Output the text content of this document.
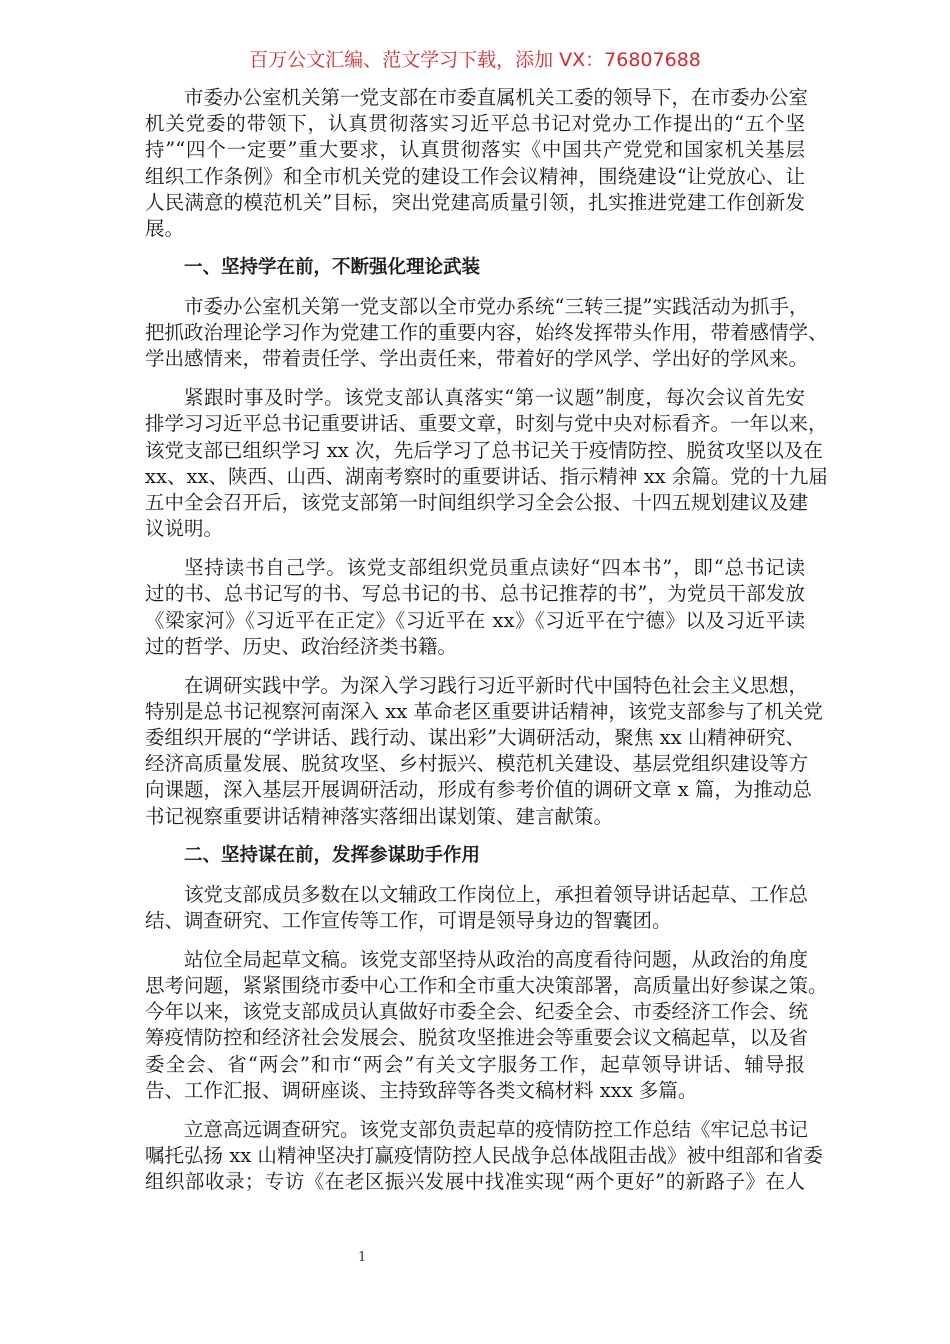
百万公文汇编、范文学习下载，添加 VX：76807688
市委办公室机关第一党支部在市委直属机关工委的领导下，在市委办公室
机关党委的带领下，认真贯彻落实习近平总书记对党办工作提出的“五个坚
持”“四个一定要”重大要求，认真贯彻落实《中国共产党党和国家机关基层
组织工作条例》和全市机关党的建设工作会议精神，围绕建设“让党放心、让
人民满意的模范机关”目标，突出党建高质量引领，扎实推进党建工作创新发
展。
一、坚持学在前，不断强化理论武装
市委办公室机关第一党支部以全市党办系统“三转三提”实践活动为抓手，
把抓政治理论学习作为党建工作的重要内容，始终发挥带头作用，带着感情学、
学出感情来，带着责任学、学出责任来，带着好的学风学、学出好的学风来。
紧跟时事及时学。该党支部认真落实“第一议题”制度，每次会议首先安
排学习习近平总书记重要讲话、重要文章，时刻与党中央对标看齐。一年以来，
该党支部已组织学习 xx 次，先后学习了总书记关于疫情防控、脱贫攻坚以及在
xx、xx、陕西、山西、湖南考察时的重要讲话、指示精神 xx 余篇。党的十九届
五中全会召开后，该党支部第一时间组织学习全会公报、十四五规划建议及建
议说明。
坚持读书自己学。该党支部组织党员重点读好“四本书”，即“总书记读
过的书、总书记写的书、写总书记的书、总书记推荐的书”，为党员干部发放
《梁家河》《习近平在正定》《习近平在 xx》《习近平在宁德》以及习近平读
过的哲学、历史、政治经济类书籍。
在调研实践中学。为深入学习践行习近平新时代中国特色社会主义思想，
特别是总书记视察河南深入 xx 革命老区重要讲话精神，该党支部参与了机关党
委组织开展的“学讲话、践行动、谋出彩”大调研活动，聚焦 xx 山精神研究、
经济高质量发展、脱贫攻坚、乡村振兴、模范机关建设、基层党组织建设等方
向课题，深入基层开展调研活动，形成有参考价值的调研文章 x 篇，为推动总
书记视察重要讲话精神落实落细出谋划策、建言献策。
二、坚持谋在前，发挥参谋助手作用
该党支部成员多数在以文辅政工作岗位上，承担着领导讲话起草、工作总
结、调查研究、工作宣传等工作，可谓是领导身边的智囊团。
站位全局起草文稿。该党支部坚持从政治的高度看待问题，从政治的角度
思考问题，紧紧围绕市委中心工作和全市重大决策部署，高质量出好参谋之策。
今年以来，该党支部成员认真做好市委全会、纪委全会、市委经济工作会、统
筹疫情防控和经济社会发展会、脱贫攻坚推进会等重要会议文稿起草，以及省
委全会、省“两会”和市“两会”有关文字服务工作，起草领导讲话、辅导报
告、工作汇报、调研座谈、主持致辞等各类文稿材料 xxx 多篇。
立意高远调查研究。该党支部负责起草的疫情防控工作总结《牢记总书记
嘱托弘扬 xx 山精神坚决打赢疫情防控人民战争总体战阻击战》被中组部和省委
组织部收录；专访《在老区振兴发展中找准实现“两个更好”的新路子》在人
1
